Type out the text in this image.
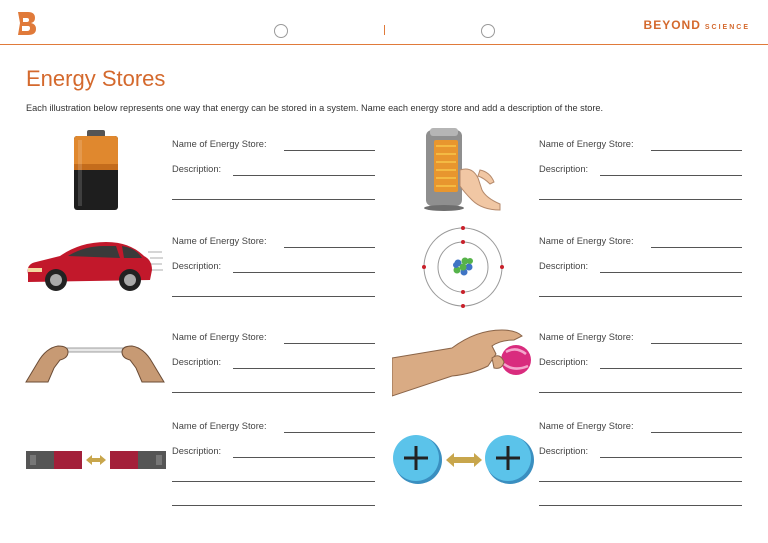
BEYOND SCIENCE
Energy Stores

Each illustration below represents one way that energy can be stored in a system. Name each energy store and add a description of the store.

Name of Energy Store:
Description:
Name of Energy Store:
Description:
Name of Energy Store:
Description:
Name of Energy Store:
Description:
Name of Energy Store:
Description:
Name of Energy Store:
Description:
Name of Energy Store:
Description:
Name of Energy Store:
Description:
